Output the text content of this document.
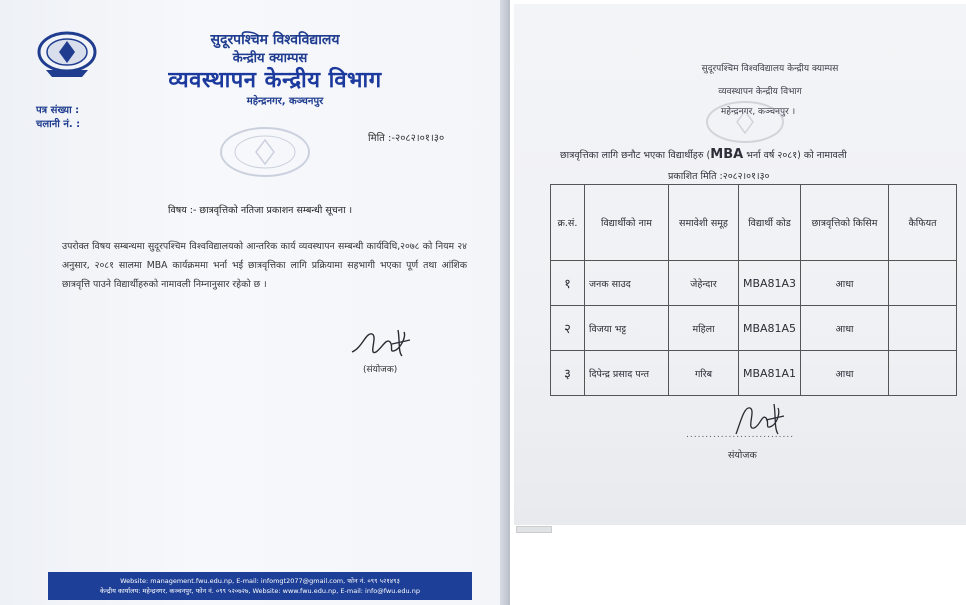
सुदूरपश्चिम विश्वविद्यालय
केन्द्रीय क्याम्पस
व्यवस्थापन केन्द्रीय विभाग
महेन्द्रनगर, कञ्चनपुर
पत्र संख्या :
चलानी नं. :
मिति :-२०८२।०१।३०
विषय :- छात्रवृत्तिको नतिजा प्रकाशन सम्बन्धी सूचना ।
उपरोक्त विषय सम्बन्धमा सुदूरपश्चिम विश्वविद्यालयको आन्तरिक कार्य व्यवस्थापन सम्बन्धी कार्यविधि,२०७८ को नियम २४ अनुसार, २०८१ सालमा MBA कार्यक्रममा भर्ना भई छात्रवृत्तिका लागि प्रक्रियामा सहभागी भएका पूर्ण तथा आंशिक छात्रवृत्ति पाउने विद्यार्थीहरुको नामावली निम्नानुसार रहेको छ ।
(संयोजक)
Website: management.fwu.edu.np, E-mail: infomgt2077@gmail.com, फोन नं. ०९९ ५२१४९३
केन्द्रीय कार्यालय: महेन्द्रनगर, कञ्चनपुर, फोन नं. ०९९ ५२०७२७, Website: www.fwu.edu.np, E-mail: info@fwu.edu.np
सुदूरपश्चिम विश्वविद्यालय केन्द्रीय क्याम्पस
व्यवस्थापन केन्द्रीय विभाग
महेन्द्रनगर, कञ्चनपुर ।
छात्रवृत्तिका लागि छनौट भएका विद्यार्थीहरु (MBA भर्ना वर्ष २०८१) को नामावली
प्रकाशित मिति :२०८२।०१।३०
क्र.सं.	विद्यार्थीको नाम	समावेशी समूह	विद्यार्थी कोड	छात्रवृत्तिको किसिम	कैफियत
१	जनक साउद	जेहेन्दार	MBA81A3	आधा	
२	विजया भट्ट	महिला	MBA81A5	आधा	
३	दिपेन्द्र प्रसाद पन्त	गरिब	MBA81A1	आधा	
............................
संयोजक
